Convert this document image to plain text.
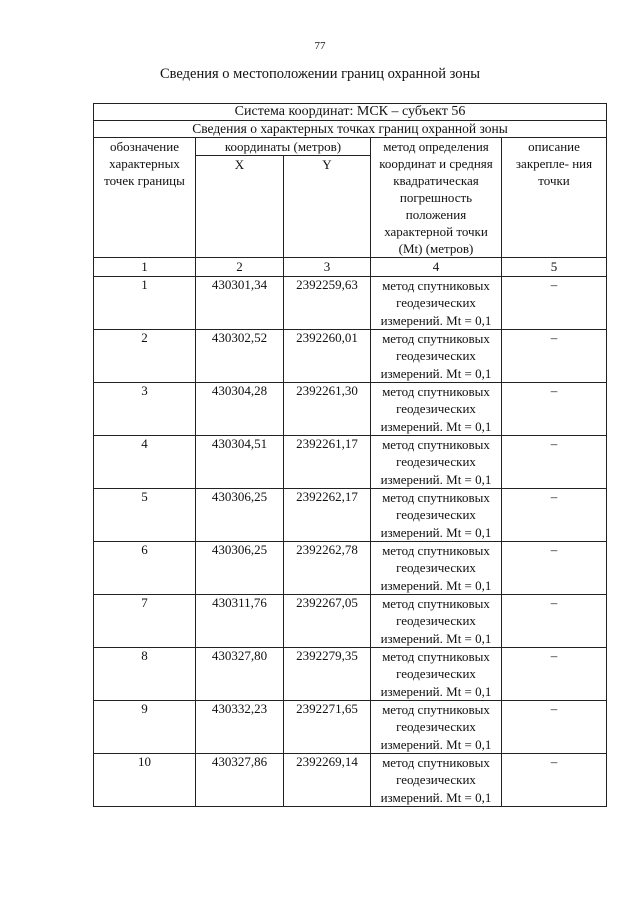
77
Сведения о местоположении границ охранной зоны
Система координат: МСК – субъект 56				
Сведения о характерных точках границ охранной зоны				
обозначение характерных точек границы	координаты (метров)		метод определения координат и средняя квадратическая погрешность положения характерной точки (Mt) (метров)	описание закрепле- ния точки
	X	Y		
1	2	3	4	5
1	430301,34	2392259,63	метод спутниковых геодезических измерений. Mt = 0,1	–
2	430302,52	2392260,01	метод спутниковых геодезических измерений. Mt = 0,1	–
3	430304,28	2392261,30	метод спутниковых геодезических измерений. Mt = 0,1	–
4	430304,51	2392261,17	метод спутниковых геодезических измерений. Mt = 0,1	–
5	430306,25	2392262,17	метод спутниковых геодезических измерений. Mt = 0,1	–
6	430306,25	2392262,78	метод спутниковых геодезических измерений. Mt = 0,1	–
7	430311,76	2392267,05	метод спутниковых геодезических измерений. Mt = 0,1	–
8	430327,80	2392279,35	метод спутниковых геодезических измерений. Mt = 0,1	–
9	430332,23	2392271,65	метод спутниковых геодезических измерений. Mt = 0,1	–
10	430327,86	2392269,14	метод спутниковых геодезических измерений. Mt = 0,1	–
